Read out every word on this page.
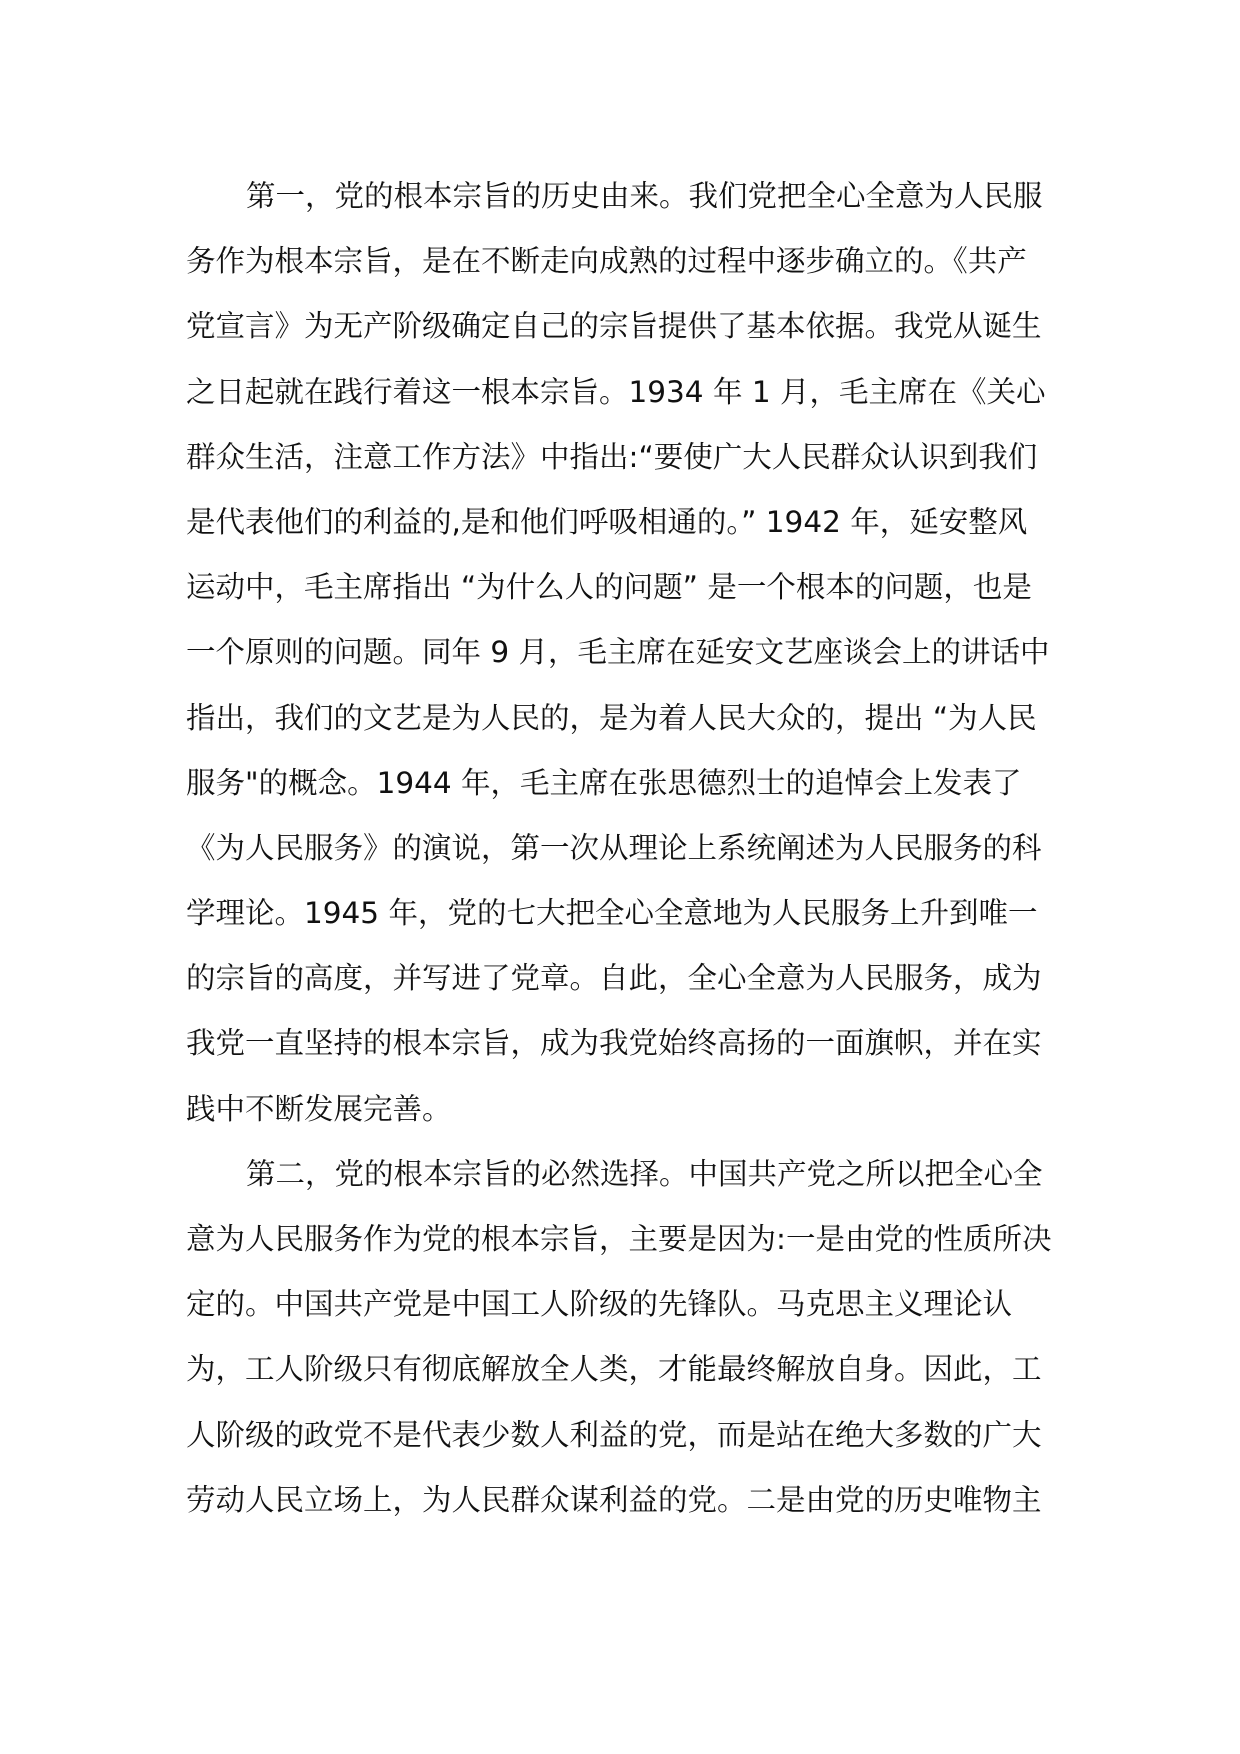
第一，党的根本宗旨的历史由来。我们党把全心全意为人民服
务作为根本宗旨，是在不断走向成熟的过程中逐步确立的。《共产
党宣言》为无产阶级确定自己的宗旨提供了基本依据。我党从诞生
之日起就在践行着这一根本宗旨。1934 年 1 月，毛主席在《关心
群众生活，注意工作方法》中指出:“要使广大人民群众认识到我们
是代表他们的利益的,是和他们呼吸相通的。” 1942 年，延安整风
运动中，毛主席指出 “为什么人的问题” 是一个根本的问题，也是
一个原则的问题。同年 9 月，毛主席在延安文艺座谈会上的讲话中
指出，我们的文艺是为人民的，是为着人民大众的，提出 “为人民
服务"的概念。1944 年，毛主席在张思德烈士的追悼会上发表了
《为人民服务》的演说，第一次从理论上系统阐述为人民服务的科
学理论。1945 年，党的七大把全心全意地为人民服务上升到唯一
的宗旨的高度，并写进了党章。自此，全心全意为人民服务，成为
我党一直坚持的根本宗旨，成为我党始终高扬的一面旗帜，并在实
践中不断发展完善。
第二，党的根本宗旨的必然选择。中国共产党之所以把全心全
意为人民服务作为党的根本宗旨，主要是因为:一是由党的性质所决
定的。中国共产党是中国工人阶级的先锋队。马克思主义理论认
为，工人阶级只有彻底解放全人类，才能最终解放自身。因此，工
人阶级的政党不是代表少数人利益的党，而是站在绝大多数的广大
劳动人民立场上，为人民群众谋利益的党。二是由党的历史唯物主
